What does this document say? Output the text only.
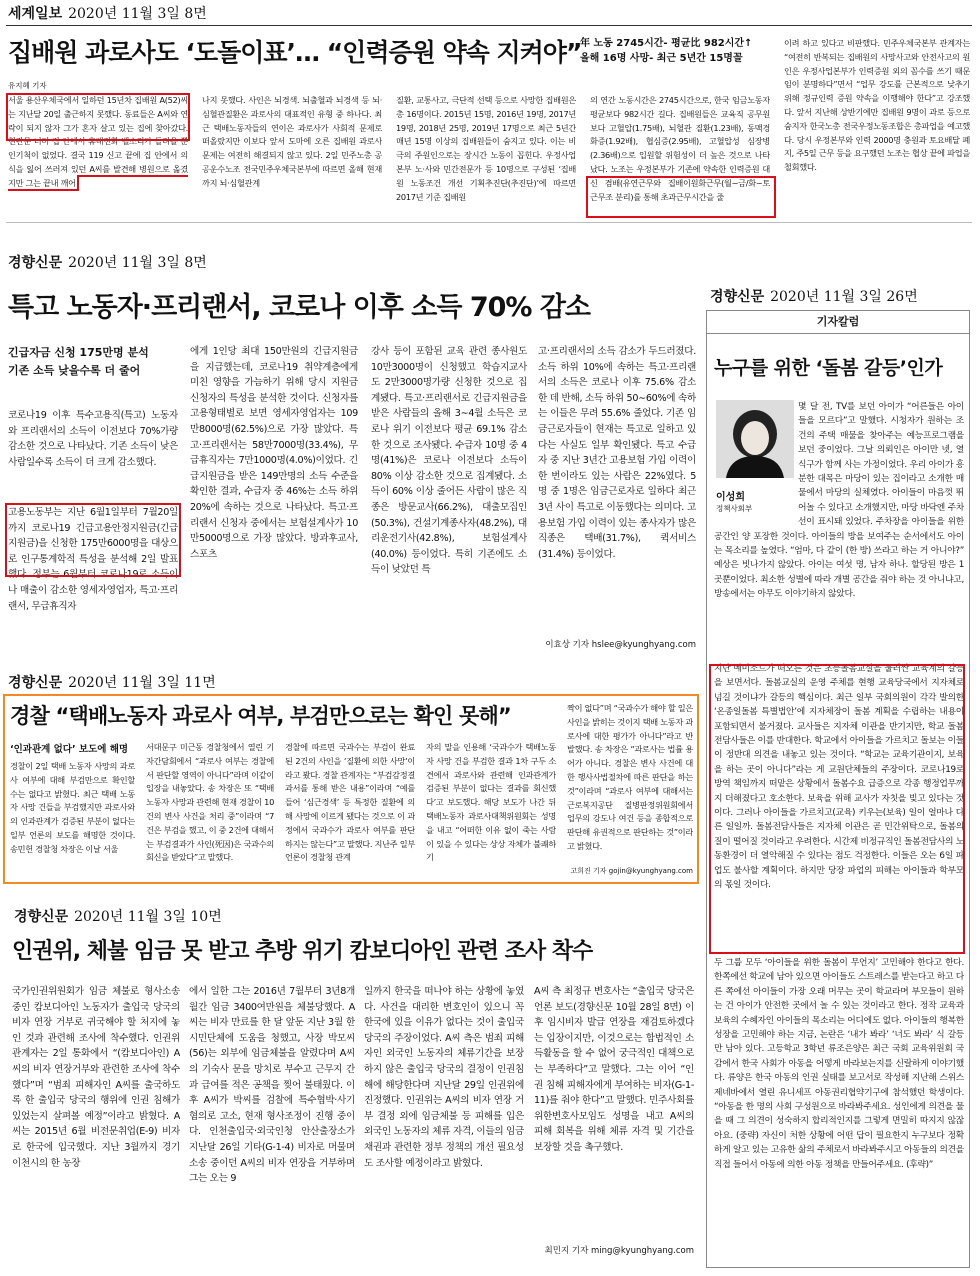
세계일보 2020년 11월 3일 8면
집배원 과로사도 ‘도돌이표’… “인력증원 약속 지켜야”
年 노동 2745시간- 평균比 982시간↑
올해 16명 사망- 최근 5년간 15명꼴
유지혜 기자
서울 용산우체국에서 일하던 15년차 집배원 A(52)씨는 지난달 20일 출근하지 못했다. 동료들은 A씨와 연락이 되지 않자 그가 혼자 살고 있는 집에 찾아갔다. 현관문 너머 집 안에서 휴대전화 벨소리가 들려올 뿐 인기척이 없었다. 결국 119 신고 끝에 집 안에서 의식을 잃어 쓰러져 있던 A씨를 발견해 병원으로 옮겼지만 그는 끝내 깨어
나지 못했다. 사인은 뇌경색. 뇌출혈과 뇌경색 등 뇌·심혈관질환은 과로사의 대표적인 유형 중 하나다. 최근 택배노동자들의 연이은 과로사가 사회적 문제로 떠올랐지만 이보다 앞서 도마에 오른 집배원 과로사 문제는 여전히 해결되지 않고 있다. 2일 민주노총 공공운수노조 전국민주우체국본부에 따르면 올해 현재까지 뇌·심혈관계
질환, 교통사고, 극단적 선택 등으로 사망한 집배원은 총 16명이다. 2015년 15명, 2016년 19명, 2017년 19명, 2018년 25명, 2019년 17명으로 최근 5년간 매년 15명 이상의 집배원들이 숨지고 있다. 이는 비극의 주원인으로는 장시간 노동이 꼽힌다. 우정사업본부 노·사와 민간전문가 등 10명으로 구성된 ‘집배원 노동조건 개선 기획추진단(추진단)’에 따르면 2017년 기준 집배원
의 연간 노동시간은 2745시간으로, 한국 임금노동자 평균보다 982시간 길다. 집배원들은 교육직 공무원보다 고혈압(1.75배), 뇌혈관 질환(1.23배), 동맥경화증(1.92배), 협심증(2.95배), 고혈압성 심장병(2.36배)으로 입원할 위험성이 더 높은 것으로 나타났다. 노조는 우정본부가 기존에 약속한 인력증원 대신 겸배(유연근무와 집배이원화근무(월∼금/화∼토 근무조 분리)를 통해 초과근무시간을 줄
이려 하고 있다고 비판했다. 민주우체국본부 관계자는 “여전히 반복되는 집배원의 사망사고와 안전사고의 원인은 우정사업본부가 인력증원 외의 꼼수를 쓰기 때문임이 분명하다”면서 “업무 강도를 근본적으로 낮추기 위해 정규인력 증원 약속을 이행해야 한다”고 강조했다. 앞서 지난해 상반기에만 집배원 9명이 과로 등으로 숨지자 한국노총 전국우정노동조합은 총파업을 예고했다. 당시 우정본부와 인력 2000명 충원과 토요배달 폐지, 주5일 근무 등을 요구했던 노조는 협상 끝에 파업을 철회했다.
경향신문 2020년 11월 3일 8면
특고 노동자·프리랜서, 코로나 이후 소득 70% 감소
긴급자금 신청 175만명 분석
기존 소득 낮을수록 더 줄어
코로나19 이후 특수고용직(특고) 노동자와 프리랜서의 소득이 이전보다 70%가량 감소한 것으로 나타났다. 기존 소득이 낮은 사람일수록 소득이 더 크게 감소했다.
고용노동부는 지난 6월1일부터 7월20일까지 코로나19 긴급고용안정지원금(긴급지원금)을 신청한 175만6000명을 대상으로 인구통계학적 특성을 분석해 2일 발표했다. 정부는 6월부터 코로나19로 소득이나 매출이 감소한 영세자영업자, 특고·프리랜서, 무급휴직자
에게 1인당 최대 150만원의 긴급지원금을 지급했는데, 코로나19 취약계층에게 미친 영향을 가늠하기 위해 당시 지원금 신청자의 특성을 분석한 것이다. 신청자를 고용형태별로 보면 영세자영업자는 109만8000명(62.5%)으로 가장 많았다. 특고·프리랜서는 58만7000명(33.4%), 무급휴직자는 7만1000명(4.0%)이었다. 긴급지원금을 받은 149만명의 소득 수준을 확인한 결과, 수급자 중 46%는 소득 하위 20%에 속하는 것으로 나타났다. 특고·프리랜서 신청자 중에서는 보험설계사가 10만5000명으로 가장 많았다. 방과후교사, 스포츠
강사 등이 포함된 교육 관련 종사원도 10만3000명이 신청했고 학습지교사도 2만3000명가량 신청한 것으로 집계됐다. 특고·프리랜서로 긴급지원금을 받은 사람들의 올해 3∼4월 소득은 코로나 위기 이전보다 평균 69.1% 감소한 것으로 조사됐다. 수급자 10명 중 4명(41%)은 코로나 이전보다 소득이 80% 이상 감소한 것으로 집계됐다. 소득이 60% 이상 줄어든 사람이 많은 직종은 방문교사(66.2%), 대출모집인(50.3%), 건설기계종사자(48.2%), 대리운전기사(42.8%), 보험설계사(40.0%) 등이었다. 특히 기존에도 소득이 낮았던 특
고·프리랜서의 소득 감소가 두드러졌다. 소득 하위 10%에 속하는 특고·프리랜서의 소득은 코로나 이후 75.6% 감소한 데 반해, 소득 하위 50∼60%에 속하는 이들은 무려 55.6% 줄었다. 기존 임금근로자들이 현재는 특고로 일하고 있다는 사실도 일부 확인됐다. 특고 수급자 중 지난 3년간 고용보험 가입 이력이 한 번이라도 있는 사람은 22%였다. 5명 중 1명은 임금근로자로 일하다 최근 3년 사이 특고로 이동했다는 의미다. 고용보험 가입 이력이 있는 종사자가 많은 직종은 택배(31.7%), 퀵서비스(31.4%) 등이었다.
이효상 기자 hslee@kyunghyang.com
경향신문 2020년 11월 3일 26면
기자칼럼
누구를 위한 ‘돌봄 갈등’인가
이성희
정책사회부
몇 달 전, TV를 보던 아이가 “어른들은 아이들을 모르다”고 말했다. 시청자가 원하는 조건의 주택 매물을 찾아주는 예능프로그램을 보던 중이었다. 그날 의뢰인은 아이만 넷, 열 식구가 함께 사는 가정이었다. 우리 아이가 흥분한 대목은 마당이 있는 집이라고 소개한 매물에서 마당의 실체였다. 아이들이 마음껏 뛰어놀 수 있다고 소개했지만, 마당 바닥엔 주차선이 표시돼 있었다. 주차장을 아이들을 위한 공간인 양 포장한 것이다. 아이들의 방을 보여주는 순서에서도 아이는 목소리를 높였다. “엄마, 다 같이 (한 방) 쓰라고 하는 거 아니야?” 예상은 빗나가지 않았다. 아이는 여섯 명, 남자 하나. 할당된 방은 1곳뿐이었다. 최소한 성별에 따라 개별 공간을 줘야 하는 것 아니냐고, 방송에서는 아무도 이야기하지 않았다.
지난 예미소드가 떠오른 것은 초등돌봄교실을 둘러싼 교육계의 갈등을 보면서다. 돌봄교실의 운영 주체를 현행 교육당국에서 지자체로 넘길 것이냐가 갈등의 핵심이다. 최근 일부 국회의원이 각각 발의한 ‘온종일돌봄 특별법안’에 지자체장이 돌봄 계획을 수립하는 내용이 포함되면서 불거졌다. 교사들은 지자체 이관을 반기지만, 학교 돌봄전담사들은 이를 반대한다. 학교에서 아이들을 가르치고 돌보는 이들이 정반대 의견을 내놓고 있는 것이다. “학교는 교육기관이지, 보육을 하는 곳이 아니다”라는 게 교원단체들의 주장이다. 코로나19로 방역 책임까지 떠맡은 상황에서 돌봄수요 급증으로 각종 행정업무까지 더해졌다고 호소한다. 보육을 위해 교사가 자칫을 빚고 있다는 것이다. 그러나 아이들을 가르치고(교육) 키우는(보육) 일이 얼마나 다른 일일까. 돌봄전담사들은 지자체 이관은 곧 민간위탁으로, 돌봄의 질이 떨어질 것이라고 우려한다. 시간제 비정규직인 돌봄전담사의 노동환경이 더 열악해질 수 있다는 점도 걱정한다. 이들은 오는 6일 파업도 불사할 계획이다. 하지만 당장 파업의 피해는 아이들과 학부모의 몫일 것이다.
두 그룹 모두 ‘아이들을 위한 돌봄이 무언지’ 고민해야 한다고 한다. 한쪽에선 학교에 남아 있으면 아이들도 스트레스를 받는다고 하고 다른 쪽에선 아이들이 가장 오래 머무는 곳이 학교라며 부모들이 원하는 건 아이가 안전한 곳에서 놀 수 있는 것이라고 한다. 정작 교육과 보육의 수혜자인 아이들의 목소리는 어디에도 없다. 아이들의 행복한 성장을 고민해야 하는 지금, 논란은 ‘내가 봐라’ ‘너도 봐라’ 식 갈등만 남아 있다. 고등학교 3학년 류조은양은 최근 국회 교육위원회 국감에서 한국 사회가 아동을 어떻게 바라보는지를 신랄하게 이야기했다. 류양은 한국 아동의 인권 실태를 보고서로 작성해 지난해 스위스 제네바에서 열린 유니세프 아동권리협약기구에 참석했던 학생이다. “아동을 한 명의 사회 구성원으로 바라봐주세요. 성인에게 의견을 물을 때 그 의견이 성숙하지 합리적인지를 그렇게 면밀히 따지지 않잖아요. (중략) 자신이 처한 상황에 어떤 답이 필요한지 누구보다 정확하게 알고 있는 고유한 삶의 주체로서 바라봐주시고 아동들의 의견을 직접 들어서 아동에 의한 아동 정책을 만들어주세요. (후략)”
경향신문 2020년 11월 3일 11면
경찰 “택배노동자 과로사 여부, 부검만으로는 확인 못해”
‘인과관계 없다’ 보도에 해명
경찰이 2일 택배 노동자 사망의 과로사 여부에 대해 부검만으로 확인할 수는 없다고 밝혔다. 최근 택배 노동자 사망 건들을 부검했지만 과로사와의 인과관계가 검증된 부분이 없다는 일부 언론의 보도를 해명한 것이다. 송민헌 경찰청 차장은 이날 서울
서대문구 미근동 경찰청에서 열린 기자간담회에서 “과로사 여부는 경찰에서 판단할 영역이 아니다”라며 이같이 입장을 내놓았다. 송 차장은 또 “택배 노동자 사망과 관련해 현재 경찰이 10건의 변사 사건을 처리 중”이라며 “7건은 부검을 했고, 이 중 2건에 대해서는 부검결과가 사인(死因)은 국과수의 회신을 받았다”고 말했다.
경찰에 따르면 국과수는 부검이 완료된 2건의 사인을 ‘질환에 의한 사망’이라고 봤다. 경찰 관계자는 “부검감정결과서를 통해 받은 내용”이라며 “예를 들어 ‘심근경색’ 등 특정한 질환에 의해 사망에 이르게 됐다는 것으로 이 과정에서 국과수가 과로사 여부를 판단하지는 않는다”고 말했다. 지난주 일부 언론이 경찰청 관계
자의 말을 인용해 ‘국과수가 택배노동자 사망 건을 부검한 결과 1차 구두 소견에서 과로사와 관련해 인과관계가 검증된 부분이 없다는 결과를 회신했다’고 보도했다. 해당 보도가 나간 뒤 택배노동자 과로사대책위원회는 성명을 내고 “어떠한 이유 없이 죽는 사람이 있을 수 있다는 상상 자체가 불쾌하기
짝이 없다”며 “국과수가 해야 할 일은 사인을 밝히는 것이지 택배 노동자 과로사에 대한 평가가 아니다”라고 반발했다. 송 차장은 “과로사는 법률 용어가 아니다. 경찰은 변사 사건에 대한 행사사법절차에 따른 판단을 하는 것”이라며 “과로사 여부에 대해서는 근로복지공단 질병판정위원회에서 업무의 강도나 여건 등을 종합적으로 판단해 유권적으로 판단하는 것”이라고 밝혔다.
고희진 기자 gojin@kyunghyang.com
경향신문 2020년 11월 3일 10면
인권위, 체불 임금 못 받고 추방 위기 캄보디아인 관련 조사 착수
국가인권위원회가 임금 체불로 형사소송 중인 캄보디아인 노동자가 출입국 당국의 비자 연장 거부로 귀국해야 할 처지에 놓인 것과 관련해 조사에 착수했다. 인권위 관계자는 2일 통화에서 “(캄보디아인) A씨의 비자 연장거부와 관련한 조사에 착수했다”며 “범죄 피해자인 A씨를 출국하도록 한 출입국 당국의 행위에 인권 침해가 있었는지 살펴볼 예정”이라고 밝혔다. A씨는 2015년 6월 비전문취업(E-9) 비자로 한국에 입국했다. 지난 3월까지 경기 이천시의 한 농장
에서 일한 그는 2016년 7월부터 3년8개월간 임금 3400여만원을 체불당했다. A씨는 비자 만료를 한 달 앞둔 지난 3월 한 시민단체에 도움을 청했고, 사장 박모씨(56)는 외부에 임금체불을 알렸다며 A씨의 기숙사 문을 망치로 부수고 근무지 간과 급여를 적은 공책을 찢어 불태웠다. 이후 A씨가 박씨를 검찰에 특수협박·사기 혐의로 고소, 현재 형사조정이 진행 중이다. 인천출입국·외국인청 안산출장소가 지난달 26일 기타(G-1-4) 비자로 머물며 소송 중이던 A씨의 비자 연장을 거부하며 그는 오는 9
일까지 한국을 떠나야 하는 상황에 놓였다. 사건을 대리한 변호인이 있으니 꼭 한국에 있을 이유가 없다는 것이 출입국 당국의 주장이었다. A씨 측은 범죄 피해자인 외국인 노동자의 체류기간을 보장하지 않은 출입국 당국의 결정이 인권침해에 해당한다며 지난달 29일 인권위에 진정했다. 인권위는 A씨의 비자 연장 거부 결정 외에 임금체불 등 피해를 입은 외국인 노동자의 체류 자격, 이들의 임금 채권과 관련한 정부 정책의 개선 필요성도 조사할 예정이라고 밝혔다.
A씨 측 최정규 변호사는 “출입국 당국은 언론 보도(경향신문 10월 28일 8면) 이후 임시비자 발급 연장을 재검토하겠다는 입장이지만, 이것으로는 합법적인 소득활동을 할 수 없어 궁극적인 대책으로는 부족하다”고 말했다. 그는 이어 “인권 침해 피해자에게 부여하는 비자(G-1-11)를 줘야 한다”고 말했다. 민주사회를위한변호사모임도 성명을 내고 A씨의 피해 회복을 위해 체류 자격 및 기간을 보장할 것을 촉구했다.
최민지 기자 ming@kyunghyang.com
